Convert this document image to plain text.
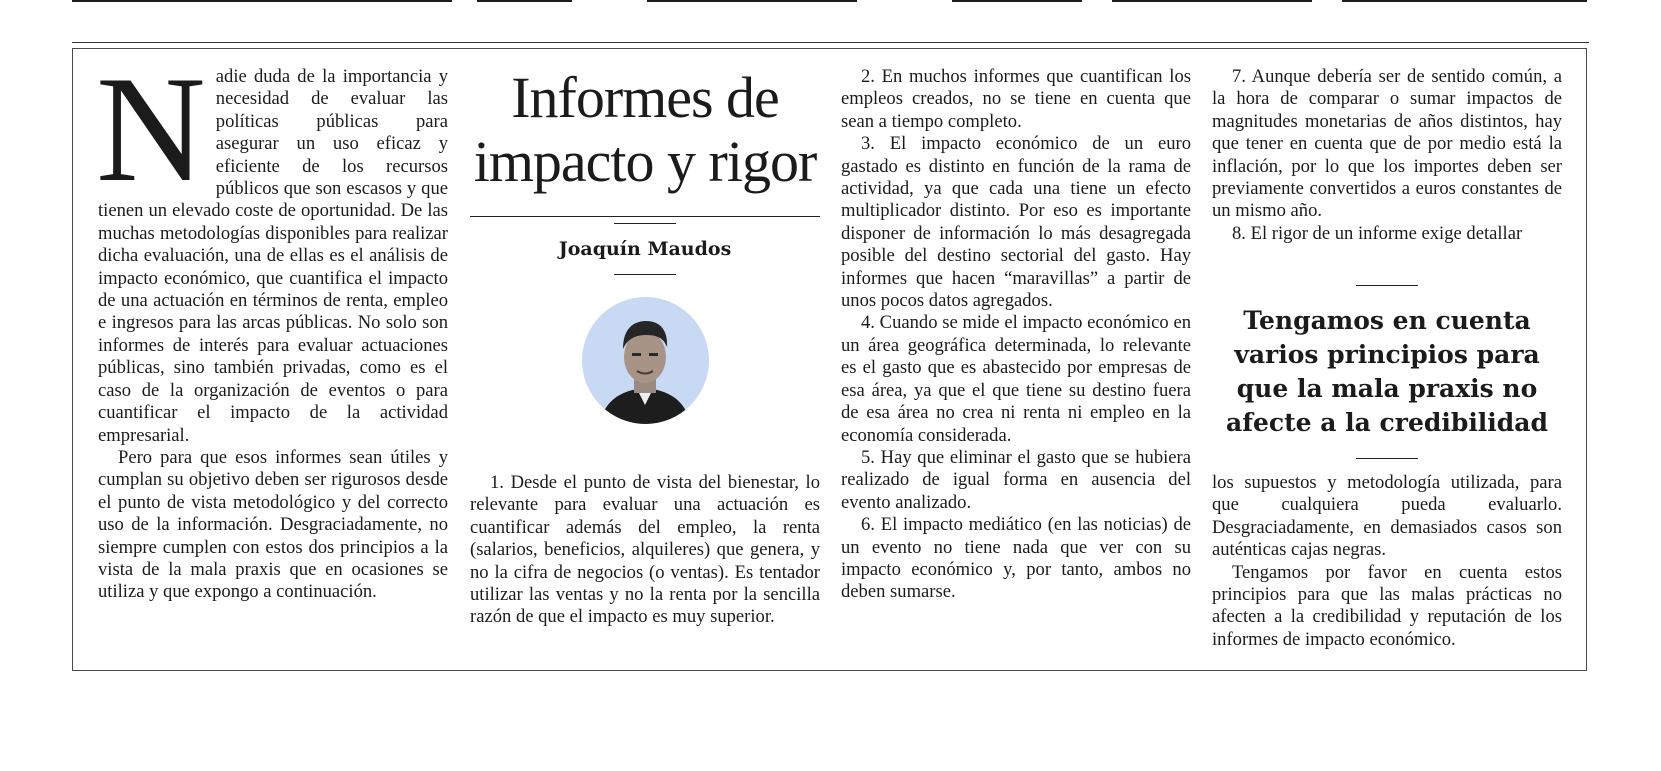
Nadie duda de la importancia y necesidad de evaluar las políticas públicas para asegurar un uso eficaz y eficiente de los recursos públicos que son escasos y que tienen un elevado coste de oportunidad. De las muchas metodologías disponibles para realizar dicha evaluación, una de ellas es el análisis de impacto económico, que cuantifica el impacto de una actuación en términos de renta, empleo e ingresos para las arcas públicas. No solo son informes de interés para evaluar actuaciones públicas, sino también privadas, como es el caso de la organización de eventos o para cuantificar el impacto de la actividad empresarial.

Pero para que esos informes sean útiles y cumplan su objetivo deben ser rigurosos desde el punto de vista metodológico y del correcto uso de la información. Desgraciadamente, no siempre cumplen con estos dos principios a la vista de la mala praxis que en ocasiones se utiliza y que expongo a continuación.

Informes de
impacto y rigor
Joaquín Maudos

1. Desde el punto de vista del bienestar, lo relevante para evaluar una actuación es cuantificar además del empleo, la renta (salarios, beneficios, alquileres) que genera, y no la cifra de negocios (o ventas). Es tentador utilizar las ventas y no la renta por la sencilla razón de que el impacto es muy superior.

2. En muchos informes que cuantifican los empleos creados, no se tiene en cuenta que sean a tiempo completo.

3. El impacto económico de un euro gastado es distinto en función de la rama de actividad, ya que cada una tiene un efecto multiplicador distinto. Por eso es importante disponer de información lo más desagregada posible del destino sectorial del gasto. Hay informes que hacen “maravillas” a partir de unos pocos datos agregados.

4. Cuando se mide el impacto económico en un área geográfica determinada, lo relevante es el gasto que es abastecido por empresas de esa área, ya que el que tiene su destino fuera de esa área no crea ni renta ni empleo en la economía considerada.

5. Hay que eliminar el gasto que se hubiera realizado de igual forma en ausencia del evento analizado.

6. El impacto mediático (en las noticias) de un evento no tiene nada que ver con su impacto económico y, por tanto, ambos no deben sumarse.

7. Aunque debería ser de sentido común, a la hora de comparar o sumar impactos de magnitudes monetarias de años distintos, hay que tener en cuenta que de por medio está la inflación, por lo que los importes deben ser previamente convertidos a euros constantes de un mismo año.

8. El rigor de un informe exige detallar

Tengamos en cuenta varios principios para que la mala praxis no afecte a la credibilidad

los supuestos y metodología utilizada, para que cualquiera pueda evaluarlo. Desgraciadamente, en demasiados casos son auténticas cajas negras.

Tengamos por favor en cuenta estos principios para que las malas prácticas no afecten a la credibilidad y reputación de los informes de impacto económico.
